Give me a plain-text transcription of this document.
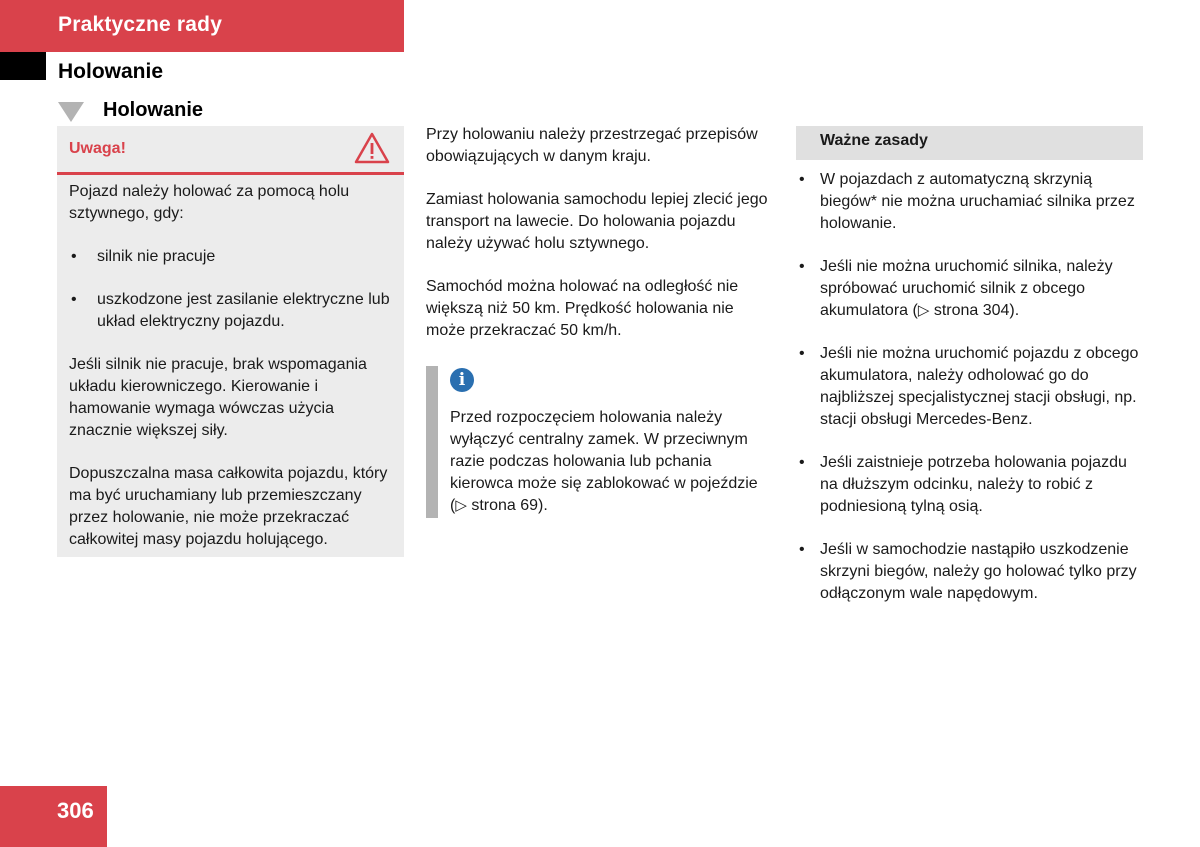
Praktyczne rady
Holowanie
Holowanie
Uwaga!

Pojazd należy holować za pomocą holu sztywnego, gdy:

• silnik nie pracuje
• uszkodzone jest zasilanie elektryczne lub układ elektryczny pojazdu.

Jeśli silnik nie pracuje, brak wspomagania układu kierowniczego. Kierowanie i hamowanie wymaga wówczas użycia znacznie większej siły.

Dopuszczalna masa całkowita pojazdu, który ma być uruchamiany lub przemieszczany przez holowanie, nie może przekraczać całkowitej masy pojazdu holującego.

Przy holowaniu należy przestrzegać przepisów obowiązujących w danym kraju.

Zamiast holowania samochodu lepiej zlecić jego transport na lawecie. Do holowania pojazdu należy używać holu sztywnego.

Samochód można holować na odległość nie większą niż 50 km. Prędkość holowania nie może przekraczać 50 km/h.

i

Przed rozpoczęciem holowania należy wyłączyć centralny zamek. W przeciwnym razie podczas holowania lub pchania kierowca może się zablokować w pojeździe (▷ strona 69).

Ważne zasady
• W pojazdach z automatyczną skrzynią biegów* nie można uruchamiać silnika przez holowanie.
• Jeśli nie można uruchomić silnika, należy spróbować uruchomić silnik z obcego akumulatora (▷ strona 304).
• Jeśli nie można uruchomić pojazdu z obcego akumulatora, należy odholować go do najbliższej specjalistycznej stacji obsługi, np. stacji obsługi Mercedes-Benz.
• Jeśli zaistnieje potrzeba holowania pojazdu na dłuższym odcinku, należy to robić z podniesioną tylną osią.
• Jeśli w samochodzie nastąpiło uszkodzenie skrzyni biegów, należy go holować tylko przy odłączonym wale napędowym.
306
